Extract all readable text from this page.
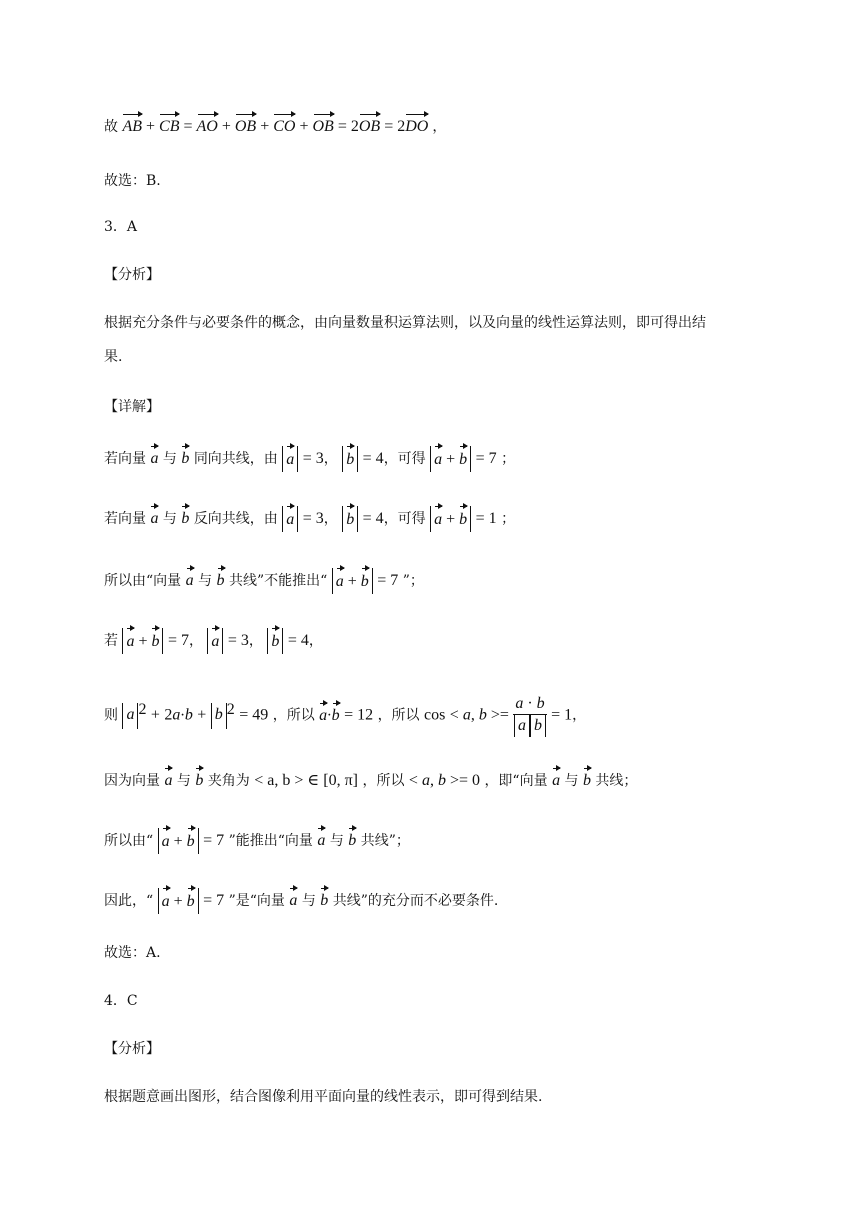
故 AB + CB = AO + OB + CO + OB = 2OB = 2DO ，
故选：B.
3．A
【分析】
根据充分条件与必要条件的概念，由向量数量积运算法则，以及向量的线性运算法则，即可得出结
果.
【详解】
若向量 a 与 b 同向共线，由 a = 3， b = 4，可得 a + b = 7 ；
若向量 a 与 b 反向共线，由 a = 3， b = 4，可得 a + b = 1 ；
所以由“向量 a 与 b 共线”不能推出“ a + b = 7 ”；
若 a + b = 7， a = 3， b = 4，
则 a $^2$ + 2a·b + b $^2$ = 49 ，所以 a·b = 12 ，所以 cos < a, $b >= \frac{a \cdot b}{\text{a b}} = 1$，
因为向量 a 与 b 夹角为 < a, b > ∈ [0, π] ，所以 < a, b >= 0 ，即“向量 a 与 b 共线；
所以由“ a + b = 7 ”能推出“向量 a 与 b 共线”；
因此，“ a + b = 7 ”是“向量 a 与 b 共线”的充分而不必要条件.
故选：A.
4．C
【分析】
根据题意画出图形，结合图像利用平面向量的线性表示，即可得到结果.
